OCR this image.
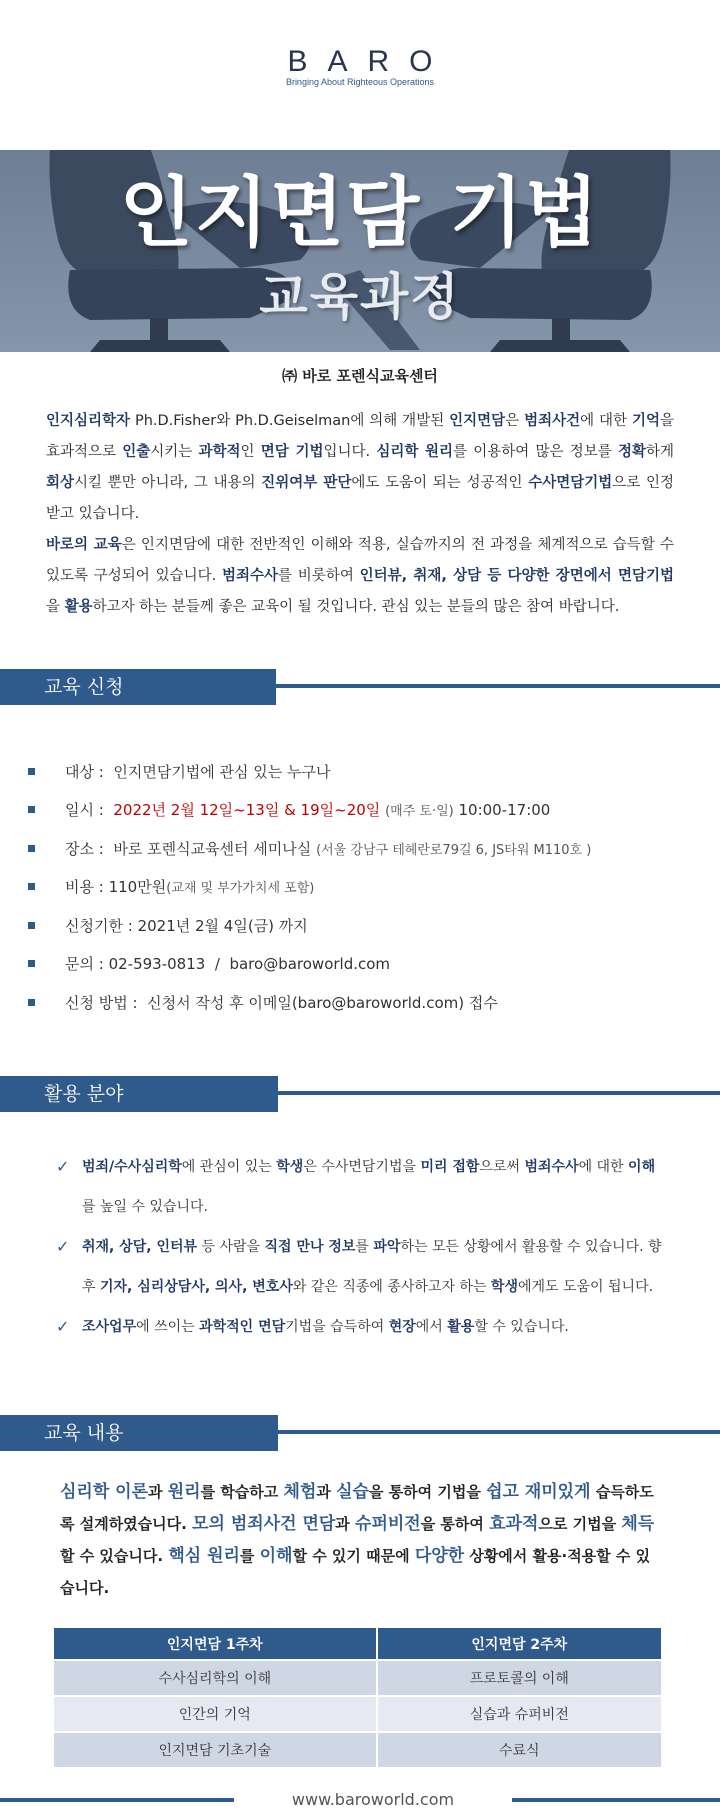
BARO
Bringing About Righteous Operations
인지면담 기법
교육과정
㈜ 바로 포렌식교육센터
인지심리학자 Ph.D.Fisher와 Ph.D.Geiselman에 의해 개발된 인지면담은 범죄사건에 대한 기억을 효과적으로 인출시키는 과학적인 면담 기법입니다. 심리학 원리를 이용하여 많은 정보를 정확하게 회상시킬 뿐만 아니라, 그 내용의 진위여부 판단에도 도움이 되는 성공적인 수사면담기법으로 인정받고 있습니다.
바로의 교육은 인지면담에 대한 전반적인 이해와 적용, 실습까지의 전 과정을 체계적으로 습득할 수 있도록 구성되어 있습니다. 범죄수사를 비롯하여 인터뷰, 취재, 상담 등 다양한 장면에서 면담기법을 활용하고자 하는 분들께 좋은 교육이 될 것입니다. 관심 있는 분들의 많은 참여 바랍니다.
교육 신청
대상 :
인지면담기법에 관심 있는 누구나
일시 :
2022년 2월 12일~13일 & 19일~20일
(매주 토·일)
10:00-17:00
장소 :
바로 포렌식교육센터 세미나실
(서울 강남구 테헤란로79길 6, JS타워 M110호 )
비용 :
110만원 (교재 및 부가가치세 포함)
신청기한 :
2021년 2월 4일(금) 까지
문의 :
02-593-0813
/
baro@baroworld.com
신청 방법 :
신청서 작성 후 이메일(baro@baroworld.com) 접수
활용 분야
✓ 범죄/수사심리학에 관심이 있는 학생은 수사면담기법을 미리 접함으로써 범죄수사에 대한 이해를 높일 수 있습니다.
✓ 취재, 상담, 인터뷰 등 사람을 직접 만나 정보를 파악하는 모든 상황에서 활용할 수 있습니다. 향후 기자, 심리상담사, 의사, 변호사와 같은 직종에 종사하고자 하는 학생에게도 도움이 됩니다.
✓ 조사업무에 쓰이는 과학적인 면담기법을 습득하여 현장에서 활용할 수 있습니다.
교육 내용
심리학 이론과 원리를 학습하고 체험과 실습을 통하여 기법을 쉽고 재미있게 습득하도록 설계하였습니다. 모의 범죄사건 면담과 슈퍼비전을 통하여 효과적으로 기법을 체득할 수 있습니다. 핵심 원리를 이해할 수 있기 때문에 다양한 상황에서 활용·적용할 수 있습니다.
인지면담 1주차	인지면담 2주차
수사심리학의 이해	프로토콜의 이해
인간의 기억	실습과 슈퍼비전
인지면담 기초기술	수료식
www.baroworld.com
